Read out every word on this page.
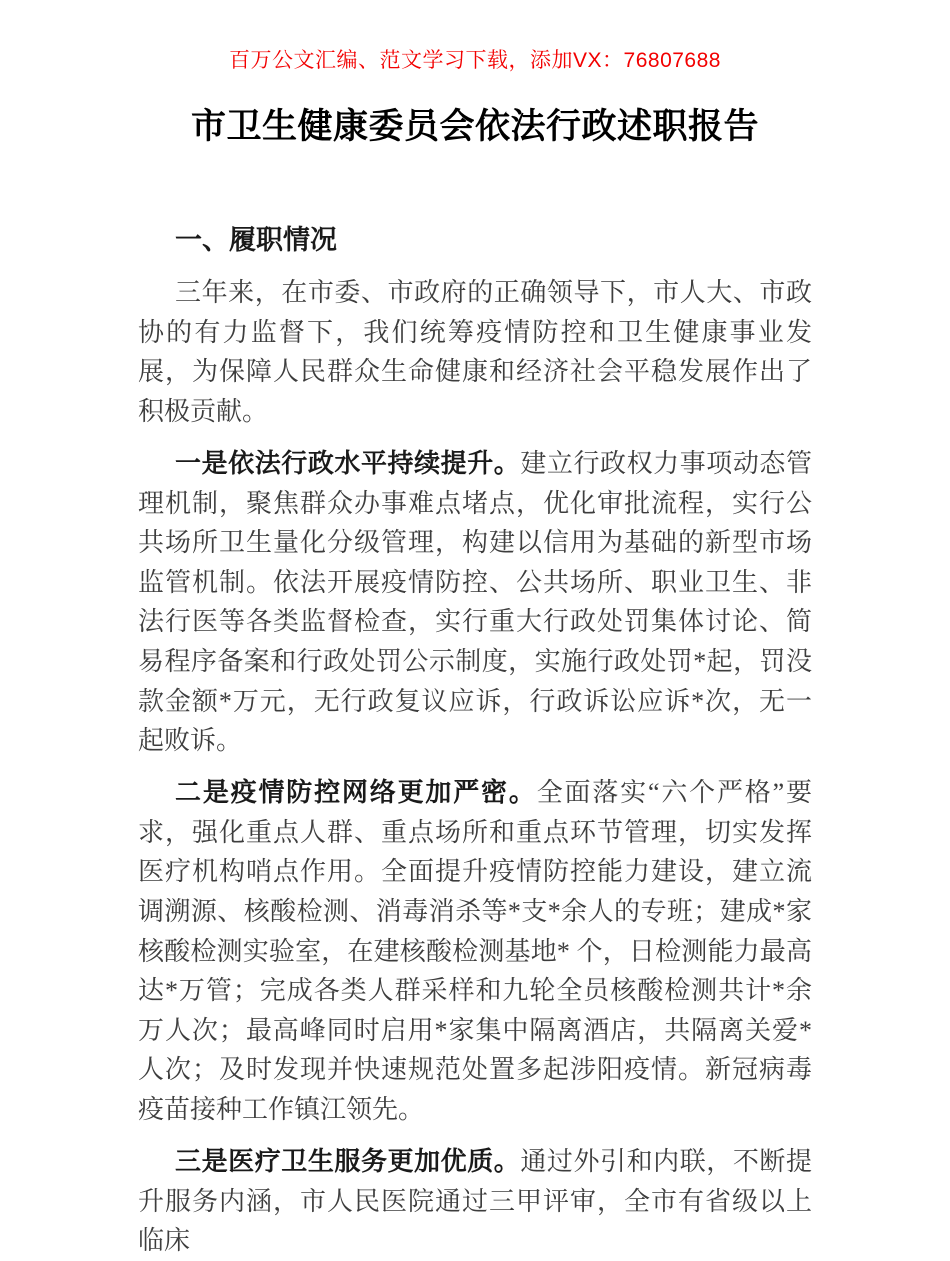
百万公文汇编、范文学习下载，添加VX：76807688
市卫生健康委员会依法行政述职报告
一、履职情况

三年来，在市委、市政府的正确领导下，市人大、市政协的有力监督下，我们统筹疫情防控和卫生健康事业发展，为保障人民群众生命健康和经济社会平稳发展作出了积极贡献。

一是依法行政水平持续提升。建立行政权力事项动态管理机制，聚焦群众办事难点堵点，优化审批流程，实行公共场所卫生量化分级管理，构建以信用为基础的新型市场监管机制。依法开展疫情防控、公共场所、职业卫生、非法行医等各类监督检查，实行重大行政处罚集体讨论、简易程序备案和行政处罚公示制度，实施行政处罚*起，罚没款金额*万元，无行政复议应诉，行政诉讼应诉*次，无一起败诉。

二是疫情防控网络更加严密。全面落实“六个严格”要求，强化重点人群、重点场所和重点环节管理，切实发挥医疗机构哨点作用。全面提升疫情防控能力建设，建立流调溯源、核酸检测、消毒消杀等*支*余人的专班；建成*家核酸检测实验室，在建核酸检测基地* 个，日检测能力最高达*万管；完成各类人群采样和九轮全员核酸检测共计*余万人次；最高峰同时启用*家集中隔离酒店，共隔离关爱*人次；及时发现并快速规范处置多起涉阳疫情。新冠病毒疫苗接种工作镇江领先。

三是医疗卫生服务更加优质。通过外引和内联，不断提升服务内涵，市人民医院通过三甲评审，全市有省级以上临床
